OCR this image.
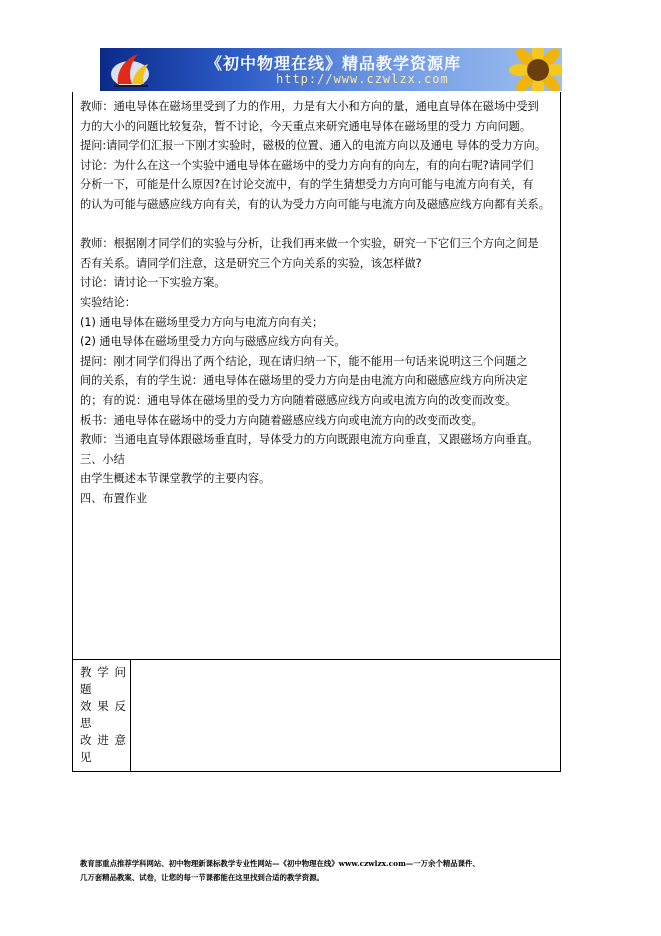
《初中物理在线》精品教学资源库
http://www.czwlzx.com

教师：通电导体在磁场里受到了力的作用，力是有大小和方向的量，通电直导体在磁场中受到

力的大小的问题比较复杂，暂不讨论，今天重点来研究通电导体在磁场里的受力 方向问题。

提问:请同学们汇报一下刚才实验时，磁极的位置、通入的电流方向以及通电 导体的受力方向。

讨论：为什么在这一个实验中通电导体在磁场中的受力方向有的向左，有的向右呢?请同学们

分析一下，可能是什么原因?在讨论交流中，有的学生猜想受力方向可能与电流方向有关，有

的认为可能与磁感应线方向有关，有的认为受力方向可能与电流方向及磁感应线方向都有关系。

教师：根据刚才同学们的实验与分析，让我们再来做一个实验，研究一下它们三个方向之间是

否有关系。请同学们注意，这是研究三个方向关系的实验，该怎样做?

讨论：请讨论一下实验方案。

实验结论：

(1) 通电导体在磁场里受力方向与电流方向有关；

(2) 通电导体在磁场里受力方向与磁感应线方向有关。

提问：刚才同学们得出了两个结论，现在请归纳一下，能不能用一句话来说明这三个问题之

间的关系，有的学生说：通电导体在磁场里的受力方向是由电流方向和磁感应线方向所决定

的；有的说：通电导体在磁场里的受力方向随着磁感应线方向或电流方向的改变而改变。

板书：通电导体在磁场中的受力方向随着磁感应线方向或电流方向的改变而改变。

教师：当通电直导体跟磁场垂直时，导体受力的方向既跟电流方向垂直，又跟磁场方向垂直。

三、小结

由学生概述本节课堂教学的主要内容。

四、布置作业

教 学 问
题
效 果 反
思
改 进 意
见
教育部重点推荐学科网站、初中物理新课标教学专业性网站—《初中物理在线》www.czwlzx.com—一万余个精品课件、
几万套精品教案、试卷，让您的每一节课都能在这里找到合适的教学资源。
